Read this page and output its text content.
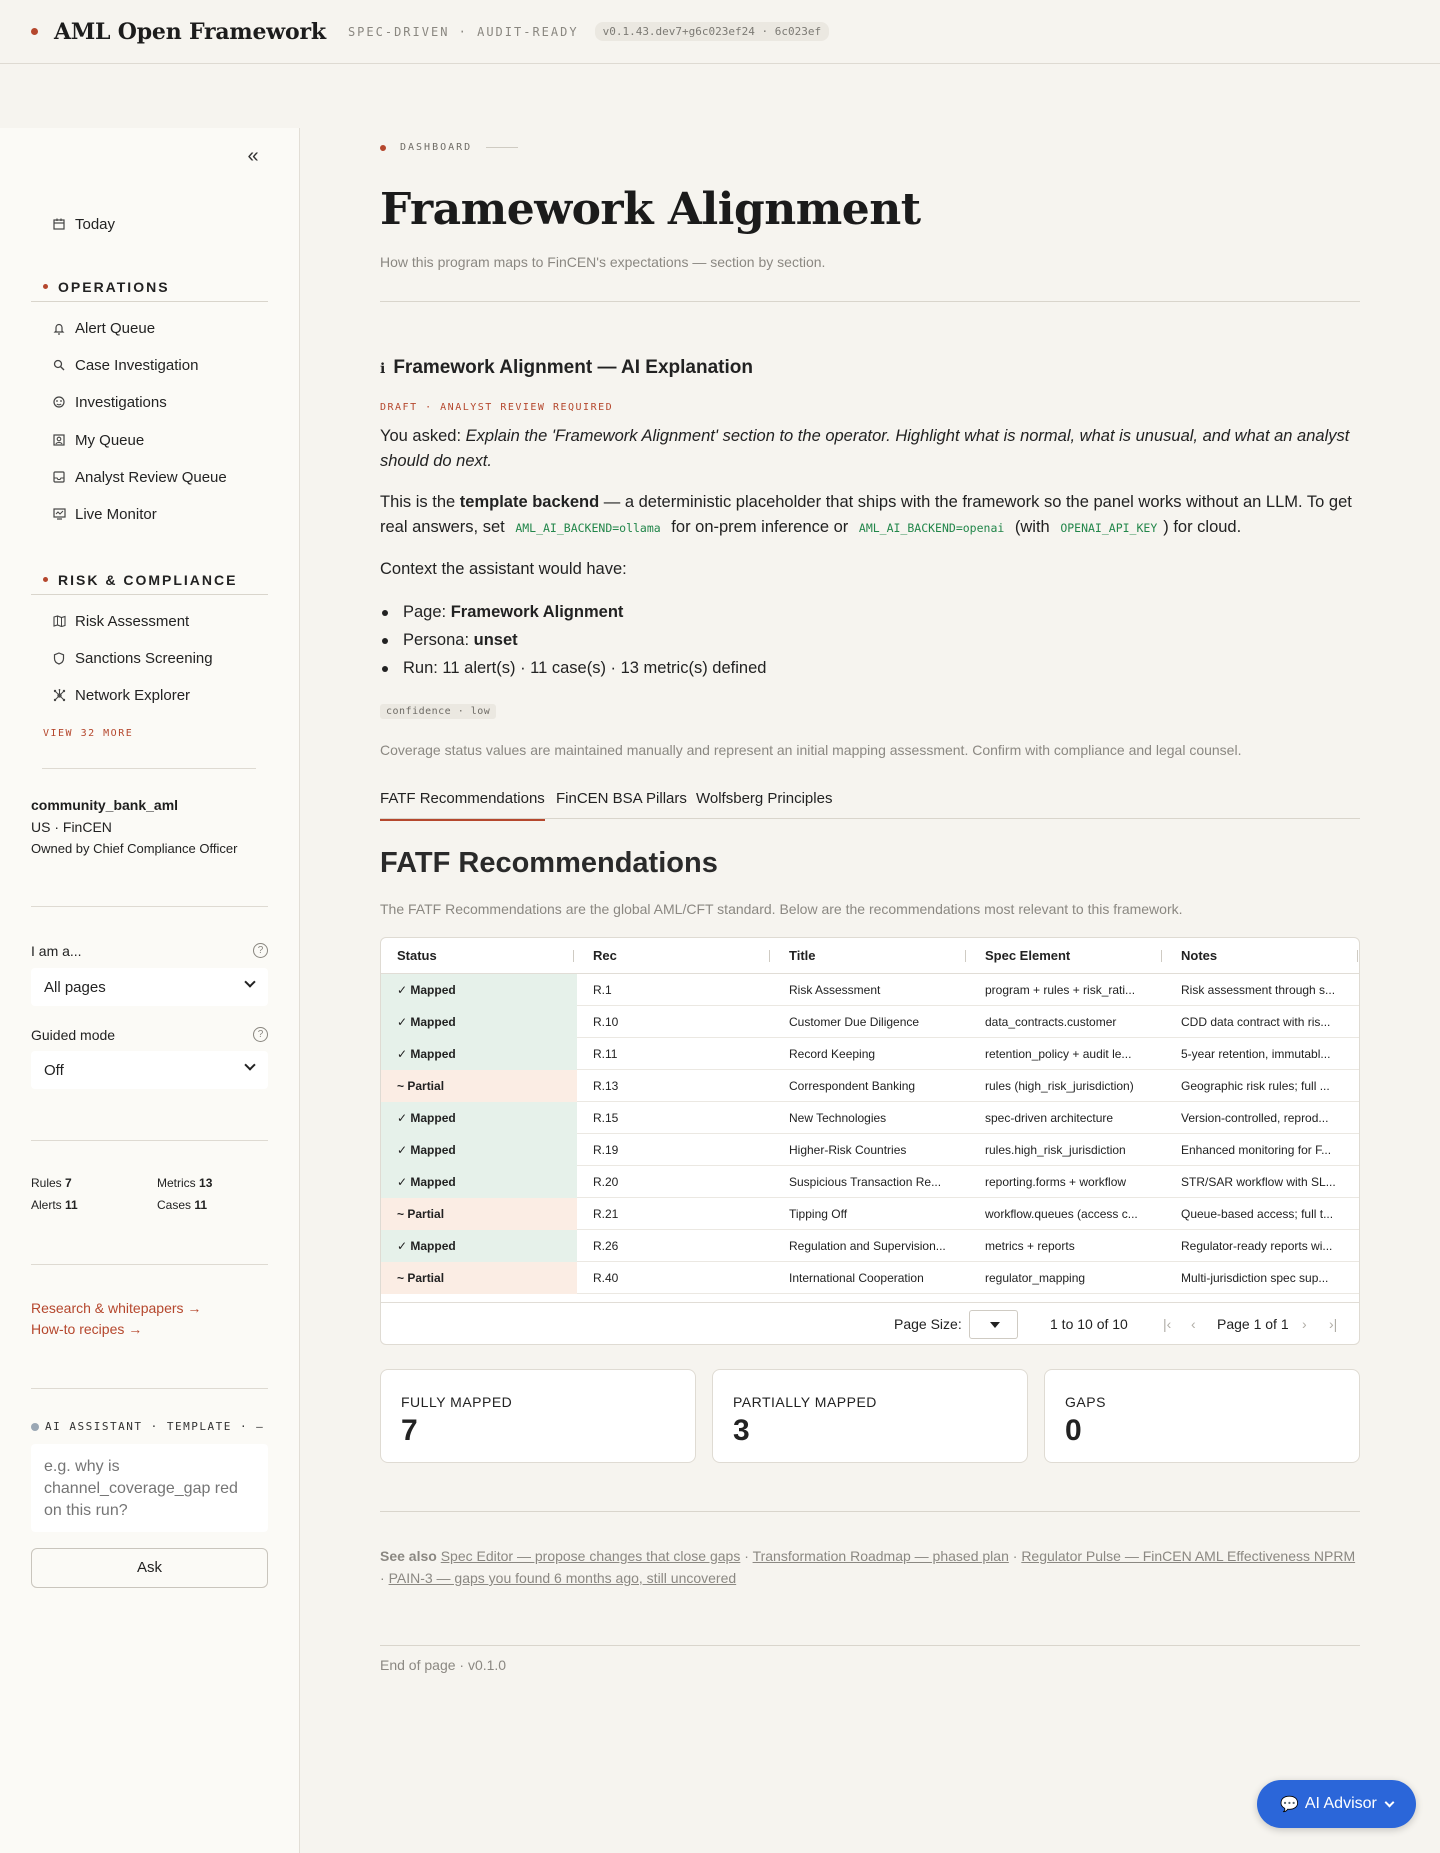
AML Open Framework SPEC-DRIVEN · AUDIT-READY	v0.1.43.dev7+g6c023ef24 · 6c023ef
«
Today
OPERATIONS
Alert Queue
Case Investigation
Investigations
My Queue
Analyst Review Queue
Live Monitor
RISK & COMPLIANCE
Risk Assessment
Sanctions Screening
Network Explorer
VIEW 32 MORE
community_bank_aml
US · FinCEN
Owned by Chief Compliance Officer
I am a...	?
All pages
Guided mode	?
Off
Rules 7	Metrics 13
Alerts 11	Cases 11
Research & whitepapers →
How-to recipes →
AI ASSISTANT · TEMPLATE · —
e.g. why is channel_coverage_gap red on this run?
Ask
DASHBOARD
Framework Alignment
How this program maps to FinCEN's expectations — section by section.
ℹ Framework Alignment — AI Explanation
DRAFT · ANALYST REVIEW REQUIRED
You asked: Explain the 'Framework Alignment' section to the operator. Highlight what is normal, what is unusual, and what an analyst should do next.
This is the template backend — a deterministic placeholder that ships with the framework so the panel works without an LLM. To get real answers, set AML_AI_BACKEND=ollama for on-prem inference or AML_AI_BACKEND=openai (with OPENAI_API_KEY ) for cloud.
Context the assistant would have:
Page: Framework Alignment
Persona: unset
Run: 11 alert(s) · 11 case(s) · 13 metric(s) defined
confidence · low
Coverage status values are maintained manually and represent an initial mapping assessment. Confirm with compliance and legal counsel.
FATF Recommendations FinCEN BSA Pillars Wolfsberg Principles
FATF Recommendations
The FATF Recommendations are the global AML/CFT standard. Below are the recommendations most relevant to this framework.
Status	Rec	Title	Spec Element	Notes
✓ Mapped	R.1	Risk Assessment	program + rules + risk_rati...	Risk assessment through s...
✓ Mapped	R.10	Customer Due Diligence	data_contracts.customer	CDD data contract with ris...
✓ Mapped	R.11	Record Keeping	retention_policy + audit le...	5-year retention, immutabl...
~ Partial	R.13	Correspondent Banking	rules (high_risk_jurisdiction)	Geographic risk rules; full ...
✓ Mapped	R.15	New Technologies	spec-driven architecture	Version-controlled, reprod...
✓ Mapped	R.19	Higher-Risk Countries	rules.high_risk_jurisdiction	Enhanced monitoring for F...
✓ Mapped	R.20	Suspicious Transaction Re...	reporting.forms + workflow	STR/SAR workflow with SL...
~ Partial	R.21	Tipping Off	workflow.queues (access c...	Queue-based access; full t...
✓ Mapped	R.26	Regulation and Supervision...	metrics + reports	Regulator-ready reports wi...
~ Partial	R.40	International Cooperation	regulator_mapping	Multi-jurisdiction spec sup...
Page Size:	1 to 10 of 10	|‹ ‹ Page 1 of 1 › ›|
FULLY MAPPED
7
PARTIALLY MAPPED
3
GAPS
0
See also Spec Editor — propose changes that close gaps · Transformation Roadmap — phased plan · Regulator Pulse — FinCEN AML Effectiveness NPRM · PAIN-3 — gaps you found 6 months ago, still uncovered
End of page · v0.1.0
💬 AI Advisor
